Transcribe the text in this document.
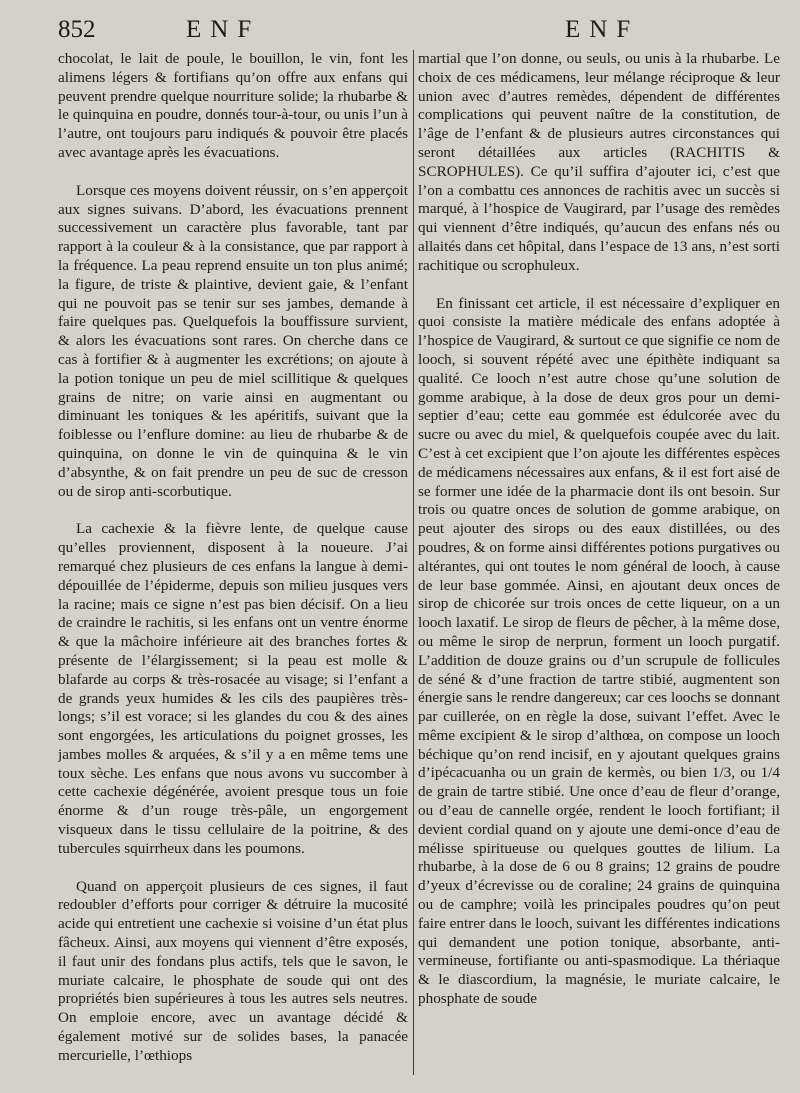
852	ENF	ENF

chocolat, le lait de poule, le bouillon, le vin, font les alimens légers & fortifians qu’on offre aux enfans qui peuvent prendre quelque nourriture solide; la rhubarbe & le quinquina en poudre, donnés tour-à-tour, ou unis l’un à l’autre, ont toujours paru indiqués & pouvoir être placés avec avantage après les évacuations.

Lorsque ces moyens doivent réussir, on s’en apperçoit aux signes suivans. D’abord, les évacuations prennent successivement un caractère plus favorable, tant par rapport à la couleur & à la consistance, que par rapport à la fréquence. La peau reprend ensuite un ton plus animé; la figure, de triste & plaintive, devient gaie, & l’enfant qui ne pouvoit pas se tenir sur ses jambes, demande à faire quelques pas. Quelquefois la bouffissure survient, & alors les évacuations sont rares. On cherche dans ce cas à fortifier & à augmenter les excrétions; on ajoute à la potion tonique un peu de miel scillitique & quelques grains de nitre; on varie ainsi en augmentant ou diminuant les toniques & les apéritifs, suivant que la foiblesse ou l’enflure domine: au lieu de rhubarbe & de quinquina, on donne le vin de quinquina & le vin d’absynthe, & on fait prendre un peu de suc de cresson ou de sirop anti-scorbutique.

La cachexie & la fièvre lente, de quelque cause qu’elles proviennent, disposent à la noueure. J’ai remarqué chez plusieurs de ces enfans la langue à demi-dépouillée de l’épiderme, depuis son milieu jusques vers la racine; mais ce signe n’est pas bien décisif. On a lieu de craindre le rachitis, si les enfans ont un ventre énorme & que la mâchoire inférieure ait des branches fortes & présente de l’élargissement; si la peau est molle & blafarde au corps & très-rosacée au visage; si l’enfant a de grands yeux humides & les cils des paupières très-longs; s’il est vorace; si les glandes du cou & des aines sont engorgées, les articulations du poignet grosses, les jambes molles & arquées, & s’il y a en même tems une toux sèche. Les enfans que nous avons vu succomber à cette cachexie dégénérée, avoient presque tous un foie énorme & d’un rouge très-pâle, un engorgement visqueux dans le tissu cellulaire de la poitrine, & des tubercules squirrheux dans les poumons.

Quand on apperçoit plusieurs de ces signes, il faut redoubler d’efforts pour corriger & détruire la mucosité acide qui entretient une cachexie si voisine d’un état plus fâcheux. Ainsi, aux moyens qui viennent d’être exposés, il faut unir des fondans plus actifs, tels que le savon, le muriate calcaire, le phosphate de soude qui ont des propriétés bien supérieures à tous les autres sels neutres. On emploie encore, avec un avantage décidé & également motivé sur de solides bases, la panacée mercurielle, l’œthiops

martial que l’on donne, ou seuls, ou unis à la rhubarbe. Le choix de ces médicamens, leur mélange réciproque & leur union avec d’autres remèdes, dépendent de différentes complications qui peuvent naître de la constitution, de l’âge de l’enfant & de plusieurs autres circonstances qui seront détaillées aux articles (RACHITIS & SCROPHULES). Ce qu’il suffira d’ajouter ici, c’est que l’on a combattu ces annonces de rachitis avec un succès si marqué, à l’hospice de Vaugirard, par l’usage des remèdes qui viennent d’être indiqués, qu’aucun des enfans nés ou allaités dans cet hôpital, dans l’espace de 13 ans, n’est sorti rachitique ou scrophuleux.

En finissant cet article, il est nécessaire d’expliquer en quoi consiste la matière médicale des enfans adoptée à l’hospice de Vaugirard, & surtout ce que signifie ce nom de looch, si souvent répété avec une épithète indiquant sa qualité. Ce looch n’est autre chose qu’une solution de gomme arabique, à la dose de deux gros pour un demi-septier d’eau; cette eau gommée est édulcorée avec du sucre ou avec du miel, & quelquefois coupée avec du lait. C’est à cet excipient que l’on ajoute les différentes espèces de médicamens nécessaires aux enfans, & il est fort aisé de se former une idée de la pharmacie dont ils ont besoin. Sur trois ou quatre onces de solution de gomme arabique, on peut ajouter des sirops ou des eaux distillées, ou des poudres, & on forme ainsi différentes potions purgatives ou altérantes, qui ont toutes le nom général de looch, à cause de leur base gommée. Ainsi, en ajoutant deux onces de sirop de chicorée sur trois onces de cette liqueur, on a un looch laxatif. Le sirop de fleurs de pêcher, à la même dose, ou même le sirop de nerprun, forment un looch purgatif. L’addition de douze grains ou d’un scrupule de follicules de séné & d’une fraction de tartre stibié, augmentent son énergie sans le rendre dangereux; car ces loochs se donnant par cuillerée, on en règle la dose, suivant l’effet. Avec le même excipient & le sirop d’althœa, on compose un looch béchique qu’on rend incisif, en y ajoutant quelques grains d’ipécacuanha ou un grain de kermès, ou bien 1/3, ou 1/4 de grain de tartre stibié. Une once d’eau de fleur d’orange, ou d’eau de cannelle orgée, rendent le looch fortifiant; il devient cordial quand on y ajoute une demi-once d’eau de mélisse spiritueuse ou quelques gouttes de lilium. La rhubarbe, à la dose de 6 ou 8 grains; 12 grains de poudre d’yeux d’écrevisse ou de coraline; 24 grains de quinquina ou de camphre; voilà les principales poudres qu’on peut faire entrer dans le looch, suivant les différentes indications qui demandent une potion tonique, absorbante, anti-vermineuse, fortifiante ou anti-spasmodique. La thériaque & le diascordium, la magnésie, le muriate calcaire, le phosphate de soude
